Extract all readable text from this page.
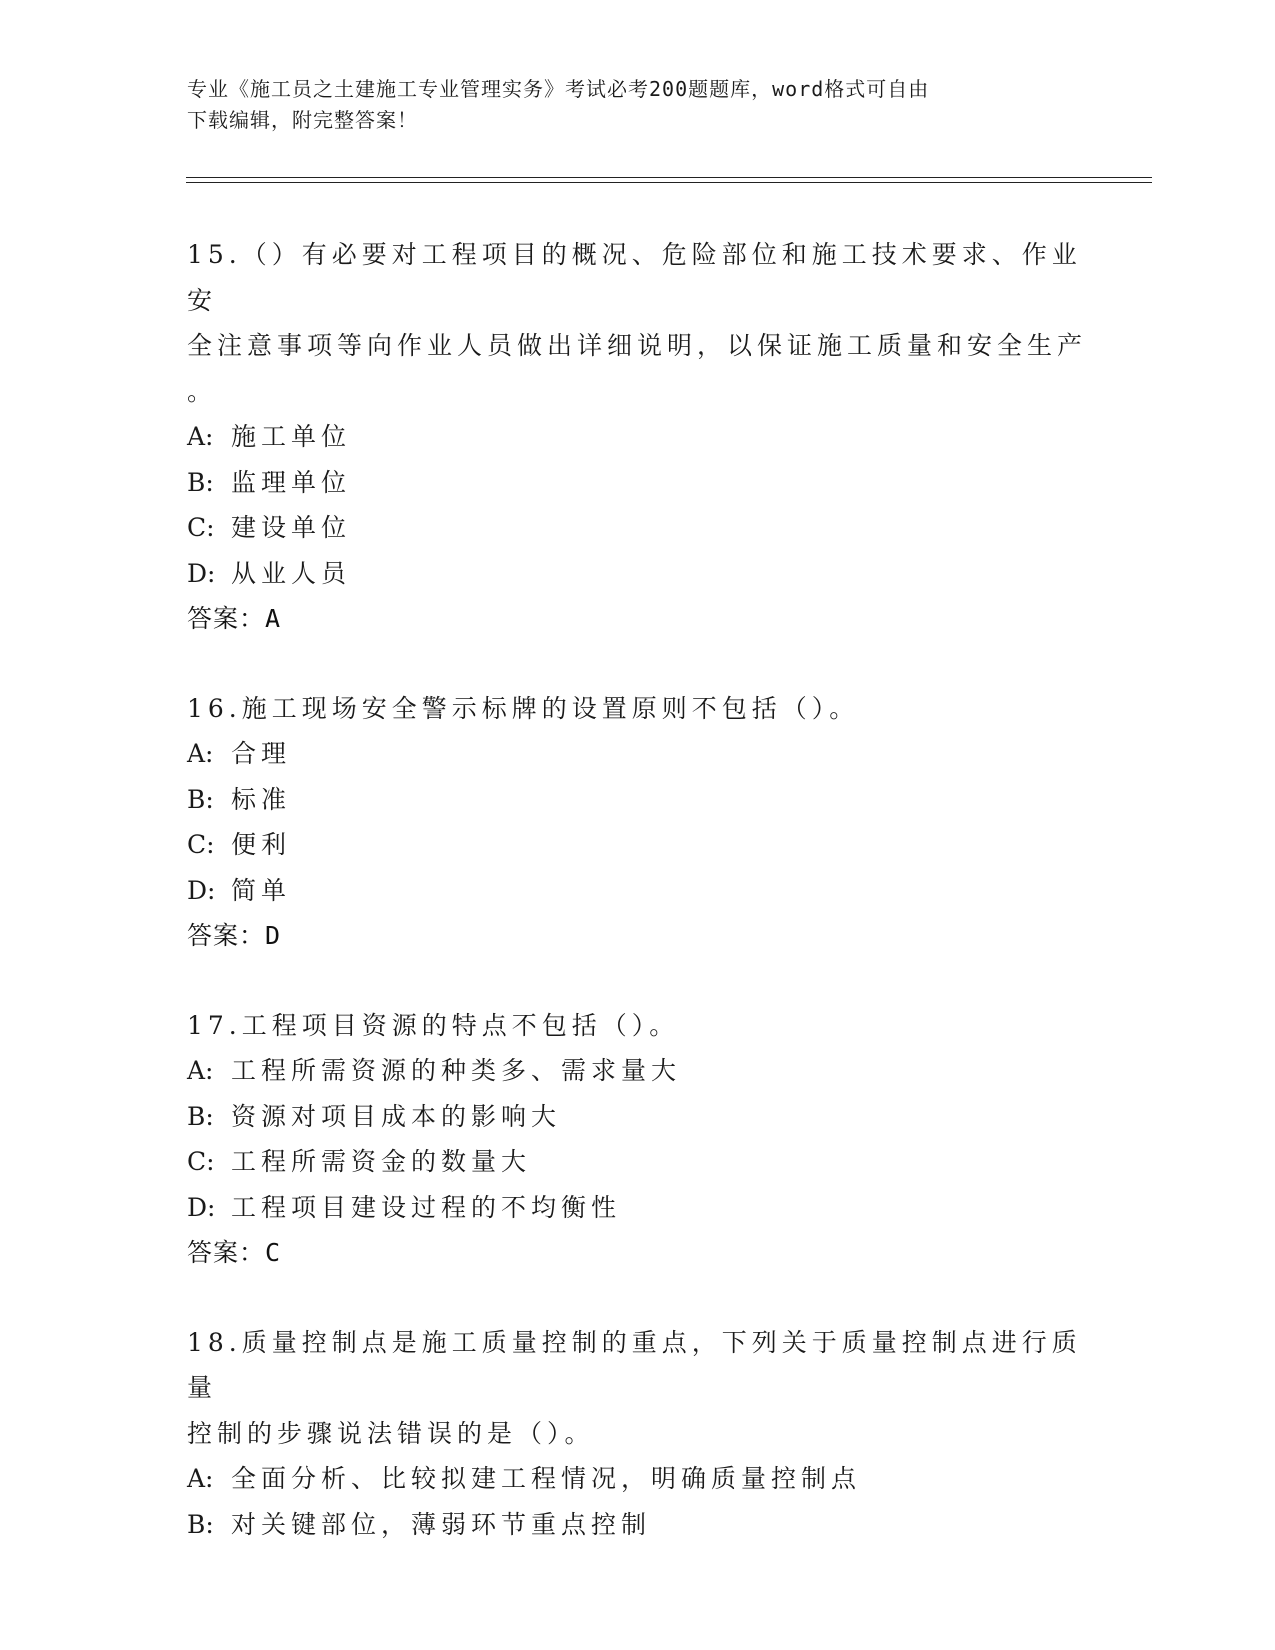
专业《施工员之土建施工专业管理实务》考试必考200题题库，word格式可自由
下载编辑，附完整答案！
15.（）有必要对工程项目的概况、危险部位和施工技术要求、作业安
全注意事项等向作业人员做出详细说明，以保证施工质量和安全生产
。
A: 施工单位
B: 监理单位
C: 建设单位
D: 从业人员
答案：A
16.施工现场安全警示标牌的设置原则不包括（）。
A: 合理
B: 标准
C: 便利
D: 简单
答案：D
17.工程项目资源的特点不包括（）。
A: 工程所需资源的种类多、需求量大
B: 资源对项目成本的影响大
C: 工程所需资金的数量大
D: 工程项目建设过程的不均衡性
答案：C
18.质量控制点是施工质量控制的重点，下列关于质量控制点进行质量
控制的步骤说法错误的是（）。
A: 全面分析、比较拟建工程情况，明确质量控制点
B: 对关键部位，薄弱环节重点控制
